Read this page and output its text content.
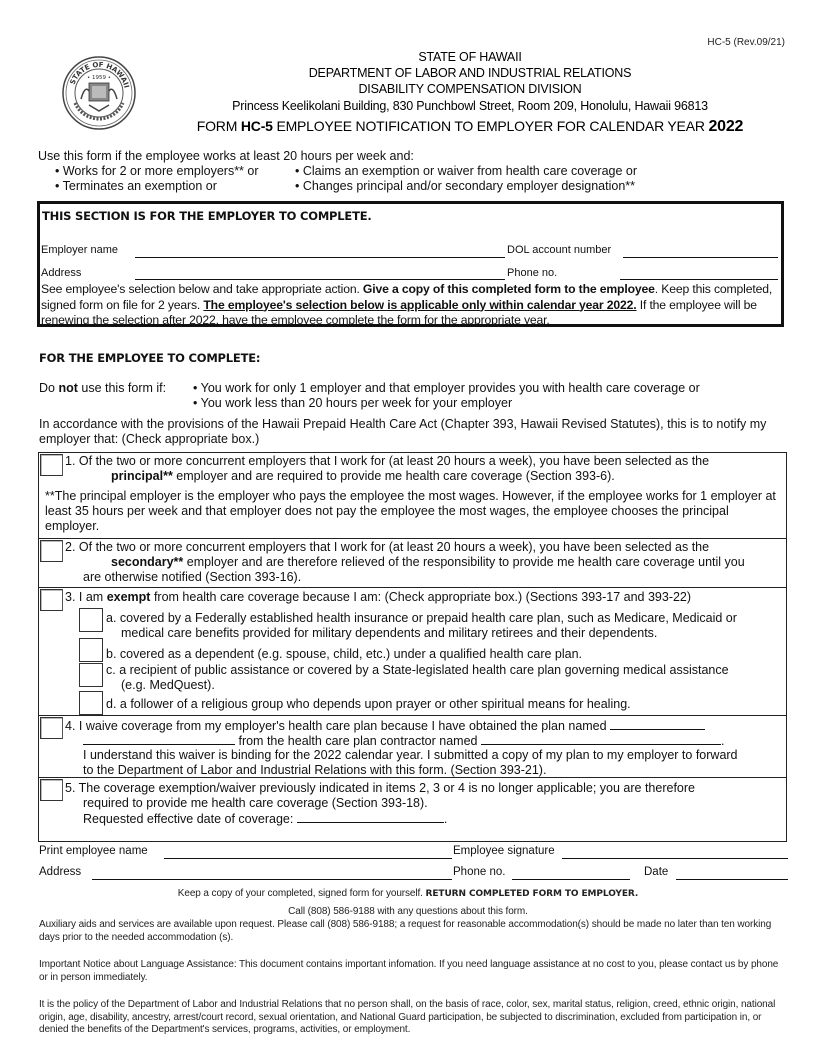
HC-5 (Rev.09/21)
STATE OF HAWAII
• 1959 •
STATE OF HAWAII
DEPARTMENT OF LABOR AND INDUSTRIAL RELATIONS
DISABILITY COMPENSATION DIVISION
Princess Keelikolani Building, 830 Punchbowl Street, Room 209, Honolulu, Hawaii 96813
FORM HC-5 EMPLOYEE NOTIFICATION TO EMPLOYER FOR CALENDAR YEAR 2022
Use this form if the employee works at least 20 hours per week and:
• Works for 2 or more employers** or	• Claims an exemption or waiver from health care coverage or
• Terminates an exemption or	• Changes principal and/or secondary employer designation**
THIS SECTION IS FOR THE EMPLOYER TO COMPLETE.
Employer name	DOL account number
Address	Phone no.
See employee's selection below and take appropriate action. Give a copy of this completed form to the employee. Keep this completed, signed form on file for 2 years. The employee's selection below is applicable only within calendar year 2022. If the employee will be renewing the selection after 2022, have the employee complete the form for the appropriate year.
FOR THE EMPLOYEE TO COMPLETE:
Do not use this form if: • You work for only 1 employer and that employer provides you with health care coverage or
• You work less than 20 hours per week for your employer
In accordance with the provisions of the Hawaii Prepaid Health Care Act (Chapter 393, Hawaii Revised Statutes), this is to notify my employer that: (Check appropriate box.)
1. Of the two or more concurrent employers that I work for (at least 20 hours a week), you have been selected as the
principal** employer and are required to provide me health care coverage (Section 393-6).
**The principal employer is the employer who pays the employee the most wages. However, if the employee works for 1 employer at least 35 hours per week and that employer does not pay the employee the most wages, the employee chooses the principal employer.
2. Of the two or more concurrent employers that I work for (at least 20 hours a week), you have been selected as the
secondary** employer and are therefore relieved of the responsibility to provide me health care coverage until you are otherwise notified (Section 393-16).
3. I am exempt from health care coverage because I am: (Check appropriate box.) (Sections 393-17 and 393-22)
a. covered by a Federally established health insurance or prepaid health care plan, such as Medicare, Medicaid or
medical care benefits provided for military dependents and military retirees and their dependents.
b. covered as a dependent (e.g. spouse, child, etc.) under a qualified health care plan.
c. a recipient of public assistance or covered by a State-legislated health care plan governing medical assistance
(e.g. MedQuest).
d. a follower of a religious group who depends upon prayer or other spiritual means for healing.
4. I waive coverage from my employer's health care plan because I have obtained the plan named
from the health care plan contractor named	.
I understand this waiver is binding for the 2022 calendar year. I submitted a copy of my plan to my employer to forward
to the Department of Labor and Industrial Relations with this form. (Section 393-21).
5. The coverage exemption/waiver previously indicated in items 2, 3 or 4 is no longer applicable; you are therefore
required to provide me health care coverage (Section 393-18).
Requested effective date of coverage:	.
Print employee name	Employee signature
Address	Phone no.	Date
Keep a copy of your completed, signed form for yourself. RETURN COMPLETED FORM TO EMPLOYER.
Call (808) 586-9188 with any questions about this form.
Auxiliary aids and services are available upon request. Please call (808) 586-9188; a request for reasonable accommodation(s) should be made no later than ten working days prior to the needed accommodation (s).
Important Notice about Language Assistance: This document contains important infomation. If you need language assistance at no cost to you, please contact us by phone or in person immediately.
It is the policy of the Department of Labor and Industrial Relations that no person shall, on the basis of race, color, sex, marital status, religion, creed, ethnic origin, national origin, age, disability, ancestry, arrest/court record, sexual orientation, and National Guard participation, be subjected to discrimination, excluded from participation in, or denied the benefits of the Department's services, programs, activities, or employment.
